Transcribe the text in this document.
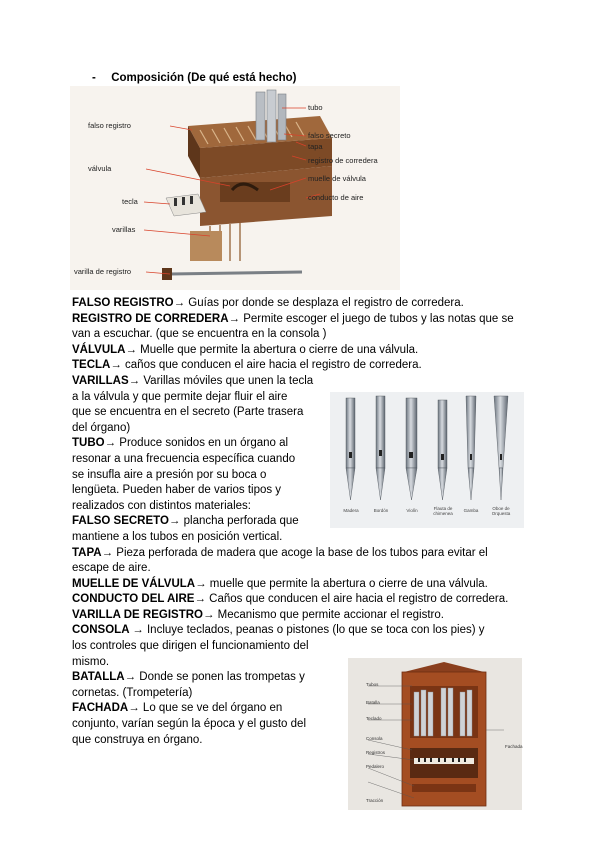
- Composición (De qué está hecho)
falso registro
válvula
tecla
varillas
varilla de registro
tubo
falso secreto
tapa
registro de corredera
muelle de válvula
conducto de aire
FALSO REGISTRO→ Guías por donde se desplaza el registro de corredera.
REGISTRO DE CORREDERA→ Permite escoger el juego de tubos y las notas que se
van a escuchar. (que se encuentra en la consola )
VÁLVULA→ Muelle que permite la abertura o cierre de una válvula.
TECLA→ caños que conducen el aire hacia el registro de corredera.
VARILLAS→ Varillas móviles que unen la tecla
a la válvula y que permite dejar fluir el aire
que se encuentra en el secreto (Parte trasera
del órgano)
TUBO→ Produce sonidos en un órgano al
resonar a una frecuencia específica cuando
se insufla aire a presión por su boca o
lengüeta. Pueden haber de varios tipos y
realizados con distintos materiales:
FALSO SECRETO→ plancha perforada que
mantiene a los tubos en posición vertical.
TAPA→ Pieza perforada de madera que acoge la base de los tubos para evitar el
escape de aire.
MUELLE DE VÁLVULA→ muelle que permite la abertura o cierre de una válvula.
CONDUCTO DEL AIRE→ Caños que conducen el aire hacia el registro de corredera.
VARILLA DE REGISTRO→ Mecanismo que permite accionar el registro.
CONSOLA → Incluye teclados, peanas o pistones (lo que se toca con los pies) y
los controles que dirigen el funcionamiento del
mismo.
BATALLA→ Donde se ponen las trompetas y
cornetas. (Trompetería)
FACHADA→ Lo que se ve del órgano en
conjunto, varían según la época y el gusto del
que construya en órgano.
Madera	Bordón	Violín	Flauta de chimenea
Gamba	Oboe de Orquesta
Tubos
Batalla
Teclado
Consola
Registros
Pedalero
Tracción
Fachada
